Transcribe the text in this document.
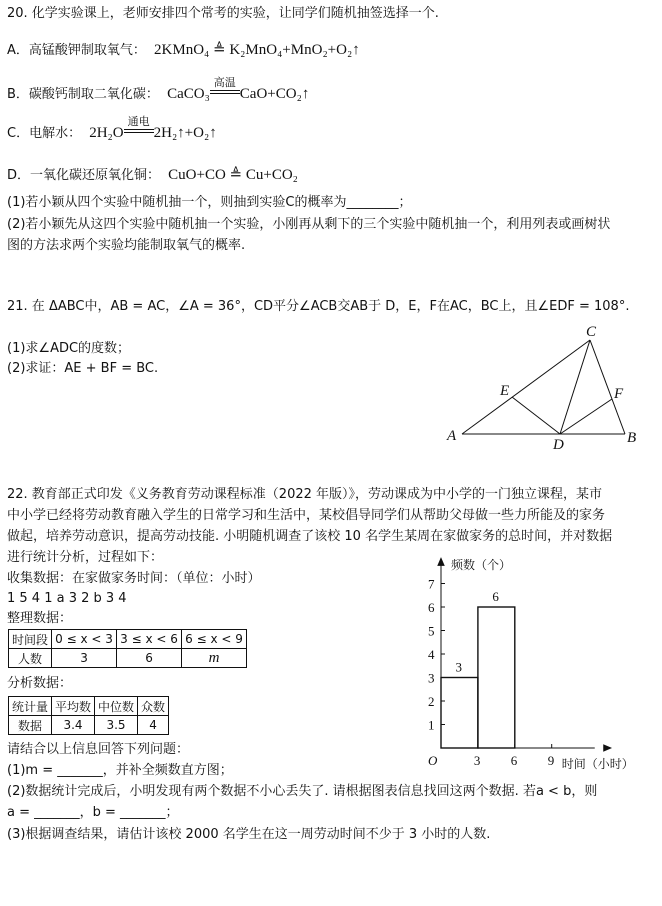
20. 化学实验课上，老师安排四个常考的实验，让同学们随机抽签选择一个.
A．高锰酸钾制取氧气： 2KMnO₄ ≜ K₂MnO₄+MnO₂+O₂↑
B．碳酸钙制取二氧化碳： CaCO₃
高温
CaO+CO₂↑
C．电解水： 2H₂O
通电
2H₂↑+O₂↑
D．一氧化碳还原氧化铜： CuO+CO ≜ Cu+CO₂
(1)若小颖从四个实验中随机抽一个，则抽到实验C的概率为________；
(2)若小颖先从这四个实验中随机抽一个实验，小刚再从剩下的三个实验中随机抽一个，利用列表或画树状
图的方法求两个实验均能制取氧气的概率.
21. 在 ΔABC中，AB = AC，∠A = 36°，CD平分∠ACB交AB于 D，E，F在AC，BC上，且∠EDF = 108°.
(1)求∠ADC的度数；
(2)求证：AE + BF = BC.
A	B
C
D
E	F
22. 教育部正式印发《义务教育劳动课程标准（2022 年版）》，劳动课成为中小学的一门独立课程，某市
中小学已经将劳动教育融入学生的日常学习和生活中，某校倡导同学们从帮助父母做一些力所能及的家务
做起，培养劳动意识，提高劳动技能. 小明随机调查了该校 10 名学生某周在家做家务的总时间，并对数据
进行统计分析，过程如下：
收集数据：在家做家务时间：（单位：小时）
1 5 4 1 a 3 2 b 3 4
整理数据：
时间段	0 ≤ x < 3	3 ≤ x < 6	6 ≤ x < 9
人数	3	6	m
分析数据：
统计量	平均数	中位数	众数
数据	3.4	3.5	4
请结合以上信息回答下列问题：
(1)m = _______，并补全频数直方图；
(2)数据统计完成后，小明发现有两个数据不小心丢失了. 请根据图表信息找回这两个数据. 若a < b，则
a = _______，b = _______；
(3)根据调查结果，请估计该校 2000 名学生在这一周劳动时间不少于 3 小时的人数.
1
2
3
4
5
6
7
3 6 9
O
3
6
频数（个）
时间（小时）
